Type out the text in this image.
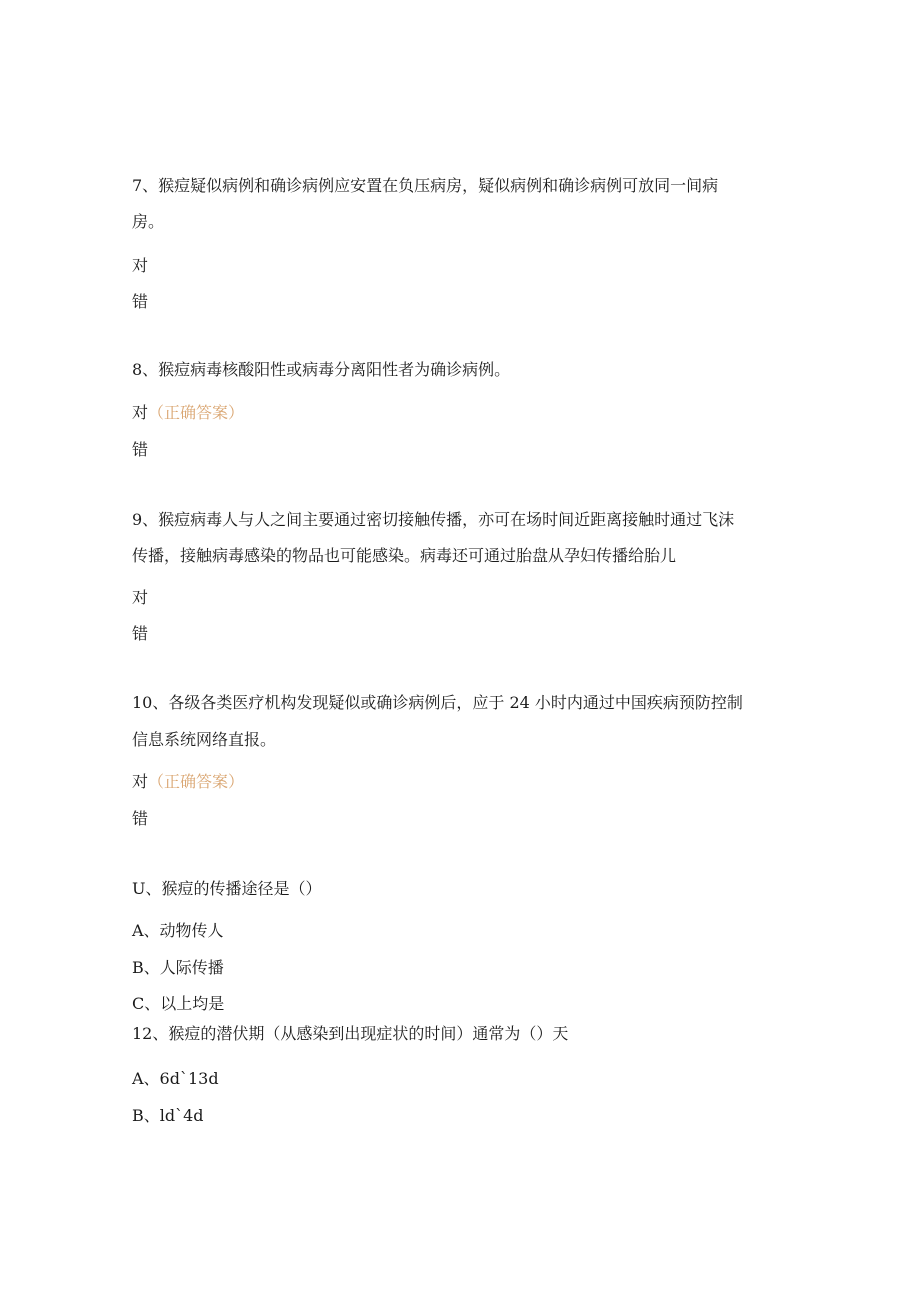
7、猴痘疑似病例和确诊病例应安置在负压病房，疑似病例和确诊病例可放同一间病
房。
对
错
8、猴痘病毒核酸阳性或病毒分离阳性者为确诊病例。
对（正确答案）
错
9、猴痘病毒人与人之间主要通过密切接触传播，亦可在场时间近距离接触时通过飞沫
传播，接触病毒感染的物品也可能感染。病毒还可通过胎盘从孕妇传播给胎儿
对
错
10、各级各类医疗机构发现疑似或确诊病例后，应于 24 小时内通过中国疾病预防控制
信息系统网络直报。
对（正确答案）
错
U、猴痘的传播途径是（）
A、动物传人
B、人际传播
C、以上均是
12、猴痘的潜伏期（从感染到出现症状的时间）通常为（）天
A、6d`13d
B、ld`4d
